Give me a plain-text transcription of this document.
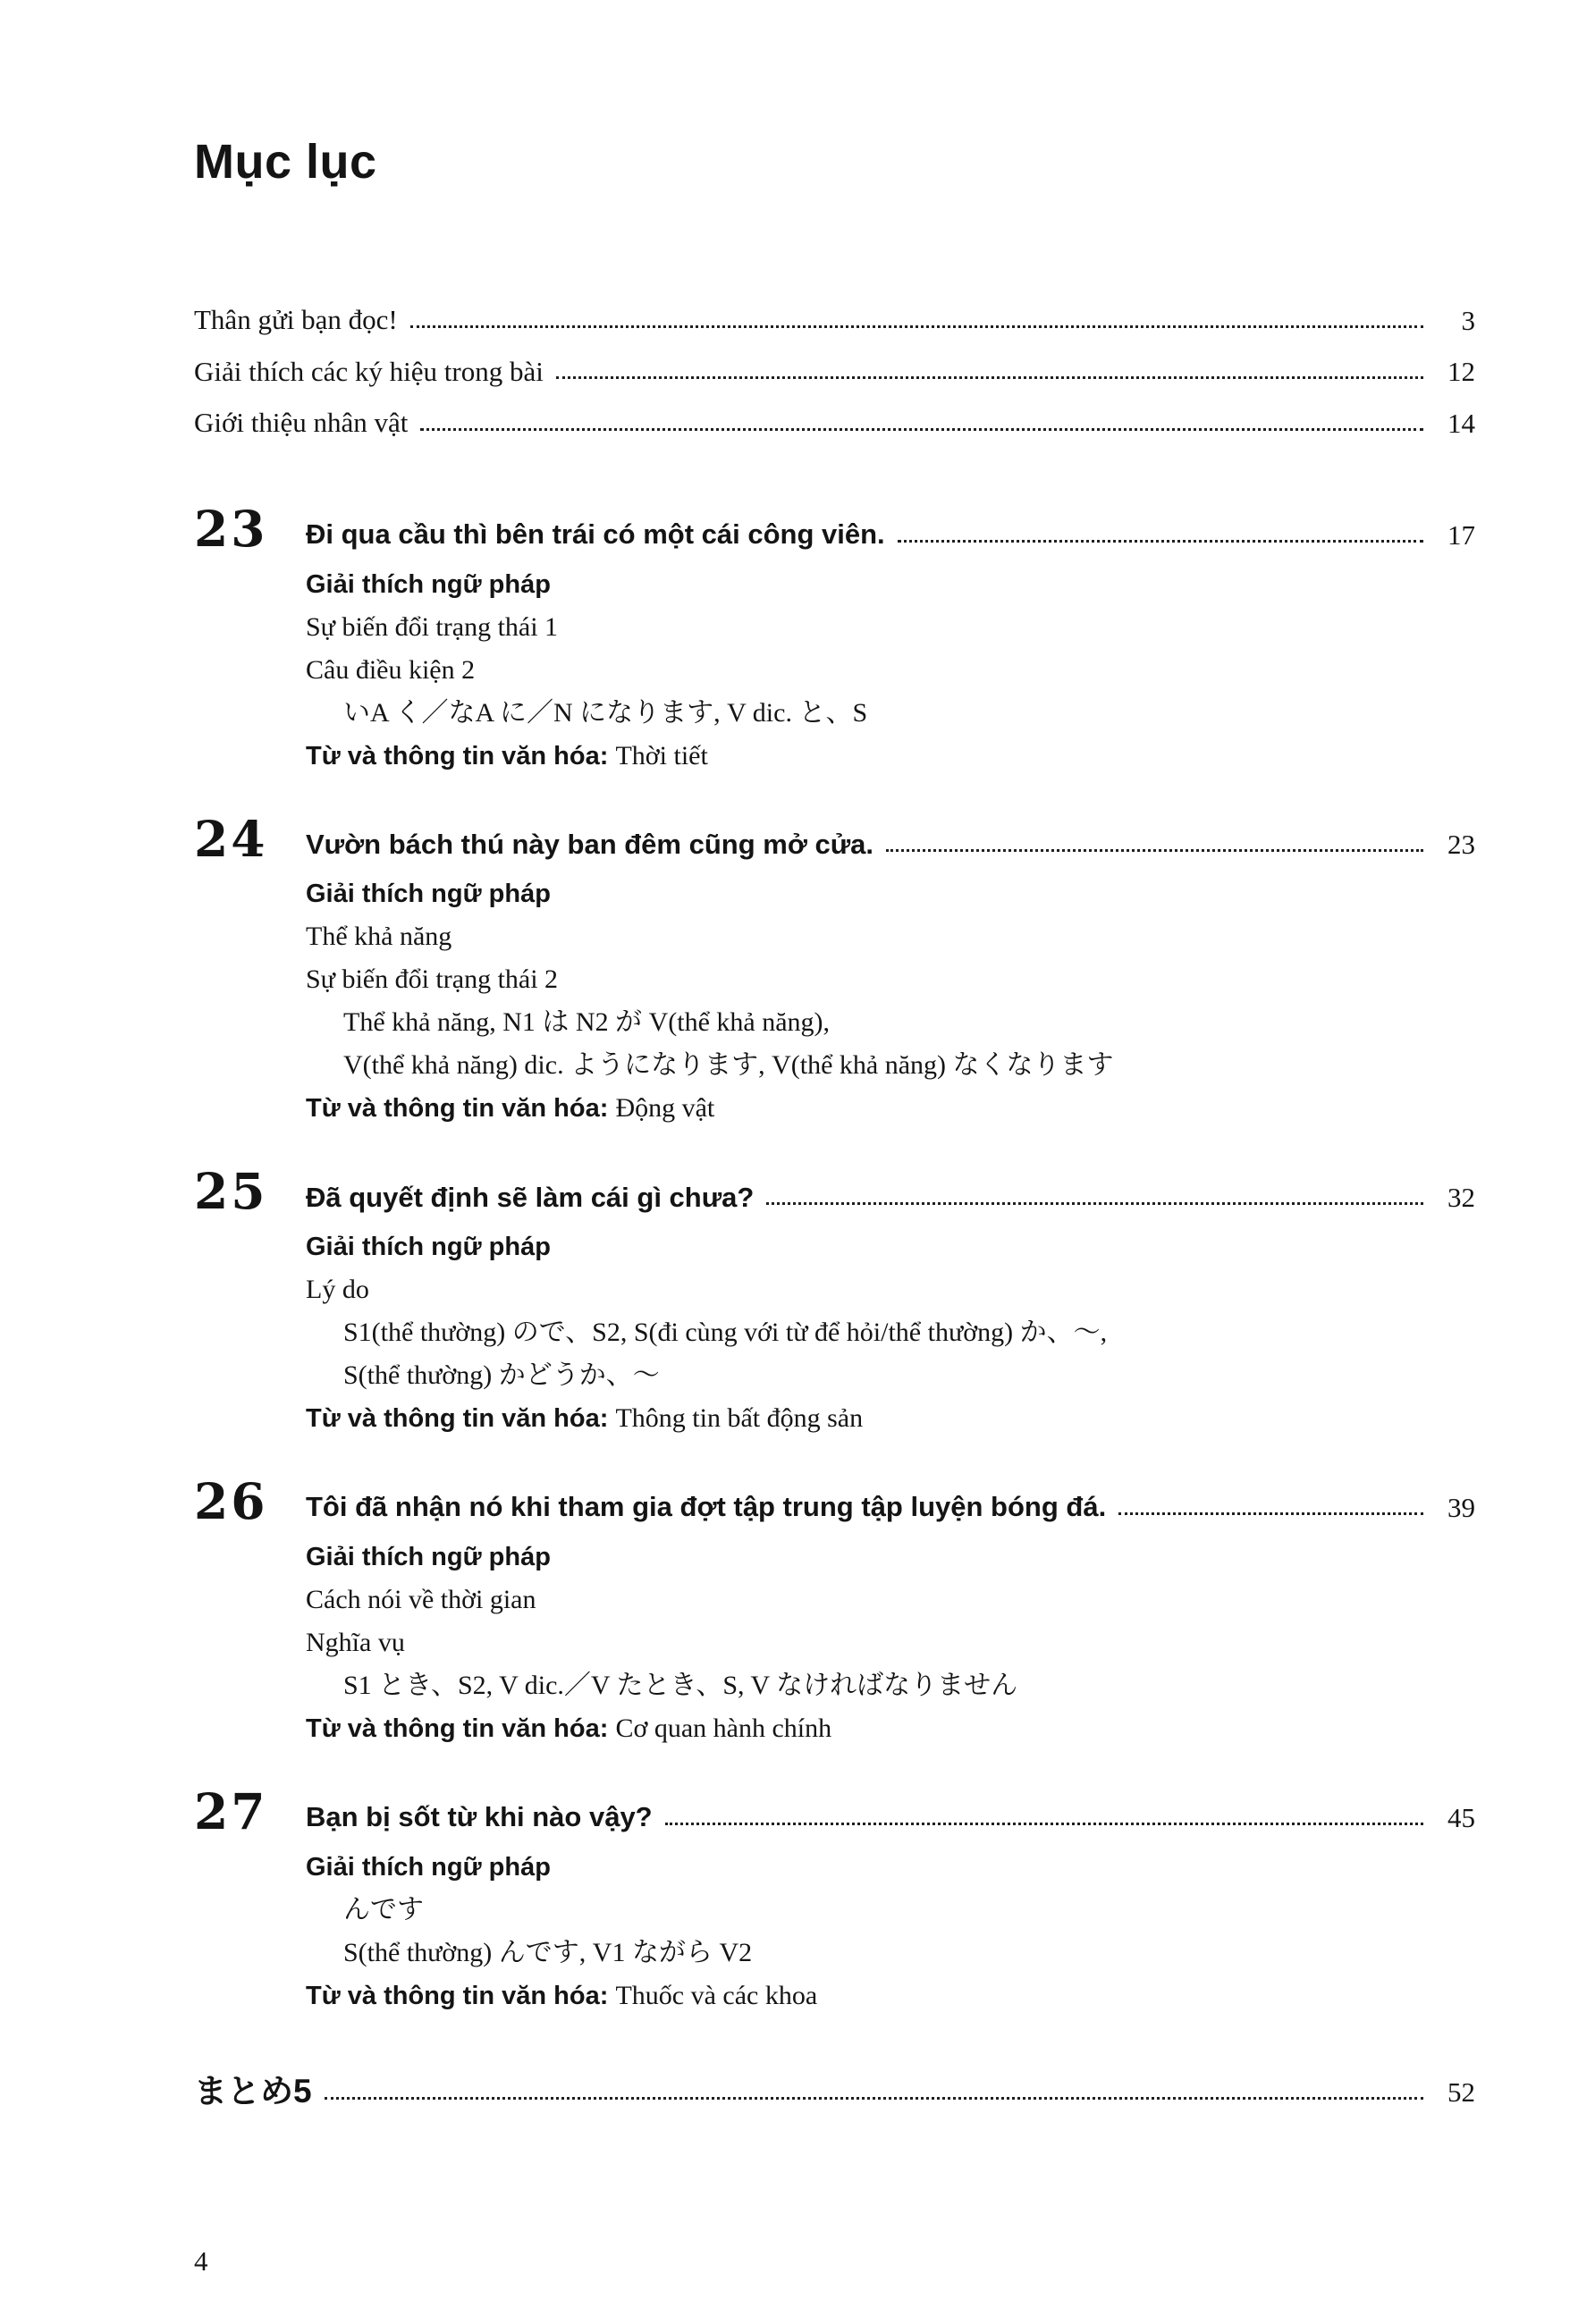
Mục lục
Thân gửi bạn đọc!	3
Giải thích các ký hiệu trong bài	12
Giới thiệu nhân vật	14
23	Đi qua cầu thì bên trái có một cái công viên.	17
Giải thích ngữ pháp
Sự biến đổi trạng thái 1
Câu điều kiện 2
いA く／なA に／N になります, V dic. と、S
Từ và thông tin văn hóa: Thời tiết
24	Vườn bách thú này ban đêm cũng mở cửa.	23
Giải thích ngữ pháp
Thể khả năng
Sự biến đổi trạng thái 2
Thể khả năng, N1 は N2 が V(thể khả năng),
V(thể khả năng) dic. ようになります, V(thể khả năng) なくなります
Từ và thông tin văn hóa: Động vật
25	Đã quyết định sẽ làm cái gì chưa?	32
Giải thích ngữ pháp
Lý do
S1(thể thường) ので、S2, S(đi cùng với từ để hỏi/thể thường) か、～,
S(thể thường) かどうか、～
Từ và thông tin văn hóa: Thông tin bất động sản
26	Tôi đã nhận nó khi tham gia đợt tập trung tập luyện bóng đá.	39
Giải thích ngữ pháp
Cách nói về thời gian
Nghĩa vụ
S1 とき、S2, V dic.／V たとき、S, V なければなりません
Từ và thông tin văn hóa: Cơ quan hành chính
27	Bạn bị sốt từ khi nào vậy?	45
Giải thích ngữ pháp
んです
S(thể thường) んです, V1 ながら V2
Từ và thông tin văn hóa: Thuốc và các khoa
まとめ5	52
4
